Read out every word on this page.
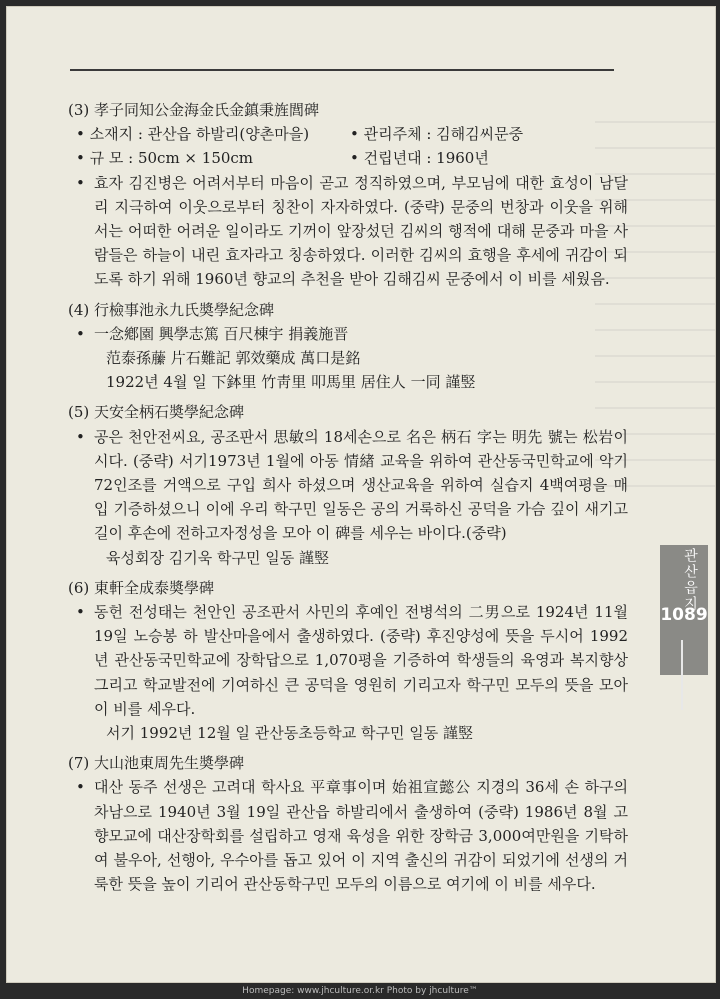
(3) 孝子同知公金海金氏金鎮秉旌閭碑
• 소재지 : 관산읍 하발리(양촌마을)	• 관리주체 : 김해김씨문중
• 규 모 : 50cm × 150cm	• 건립년대 : 1960년
• 효자 김진병은 어려서부터 마음이 곧고 정직하였으며, 부모님에 대한 효성이 남달리 지극하여 이웃으로부터 칭찬이 자자하였다. (중략) 문중의 번창과 이웃을 위해서는 어떠한 어려운 일이라도 기꺼이 앞장섰던 김씨의 행적에 대해 문중과 마을 사람들은 하늘이 내린 효자라고 칭송하였다. 이러한 김씨의 효행을 후세에 귀감이 되도록 하기 위해 1960년 향교의 추천을 받아 김해김씨 문중에서 이 비를 세웠음.
(4) 行檢事池永九氏奬學紀念碑
• 一念鄕園 興學志篤 百尺棟宇 捐義施晋
范泰孫䕨 片石難記 郭效藥成 萬口是銘
1922년 4월 일 下鉢里 竹靑里 叩馬里 居住人 一同 謹竪
(5) 天安全柄石奬學紀念碑
• 공은 천안전씨요, 공조판서 思敏의 18세손으로 名은 柄石 字는 明先 號는 松岩이시다. (중략) 서기1973년 1월에 아동 情緖 교육을 위하여 관산동국민학교에 악기 72인조를 거액으로 구입 희사 하셨으며 생산교육을 위하여 실습지 4백여평을 매입 기증하셨으니 이에 우리 학구민 일동은 공의 거룩하신 공덕을 가슴 깊이 새기고 길이 후손에 전하고자정성을 모아 이 碑를 세우는 바이다.(중략)
육성회장 김기욱 학구민 일동 謹竪
(6) 東軒全成泰奬學碑
• 동헌 전성태는 천안인 공조판서 사민의 후예인 전병석의 二男으로 1924년 11월 19일 노승봉 하 발산마을에서 출생하였다. (중략) 후진양성에 뜻을 두시어 1992년 관산동국민학교에 장학답으로 1,070평을 기증하여 학생들의 육영과 복지향상 그리고 학교발전에 기여하신 큰 공덕을 영원히 기리고자 학구민 모두의 뜻을 모아 이 비를 세우다.
서기 1992년 12월 일 관산동초등학교 학구민 일동 謹竪
(7) 大山池東周先生奬學碑
• 대산 동주 선생은 고려대 학사요 平章事이며 始祖宣懿公 지경의 36세 손 하구의 차남으로 1940년 3월 19일 관산읍 하발리에서 출생하여 (중략) 1986년 8월 고향모교에 대산장학회를 설립하고 영재 육성을 위한 장학금 3,000여만원을 기탁하여 불우아, 선행아, 우수아를 돕고 있어 이 지역 출신의 귀감이 되었기에 선생의 거룩한 뜻을 높이 기리어 관산동학구민 모두의 이름으로 여기에 이 비를 세우다.
관산읍지
1089
Homepage: www.jhculture.or.kr Photo by jhculture™
